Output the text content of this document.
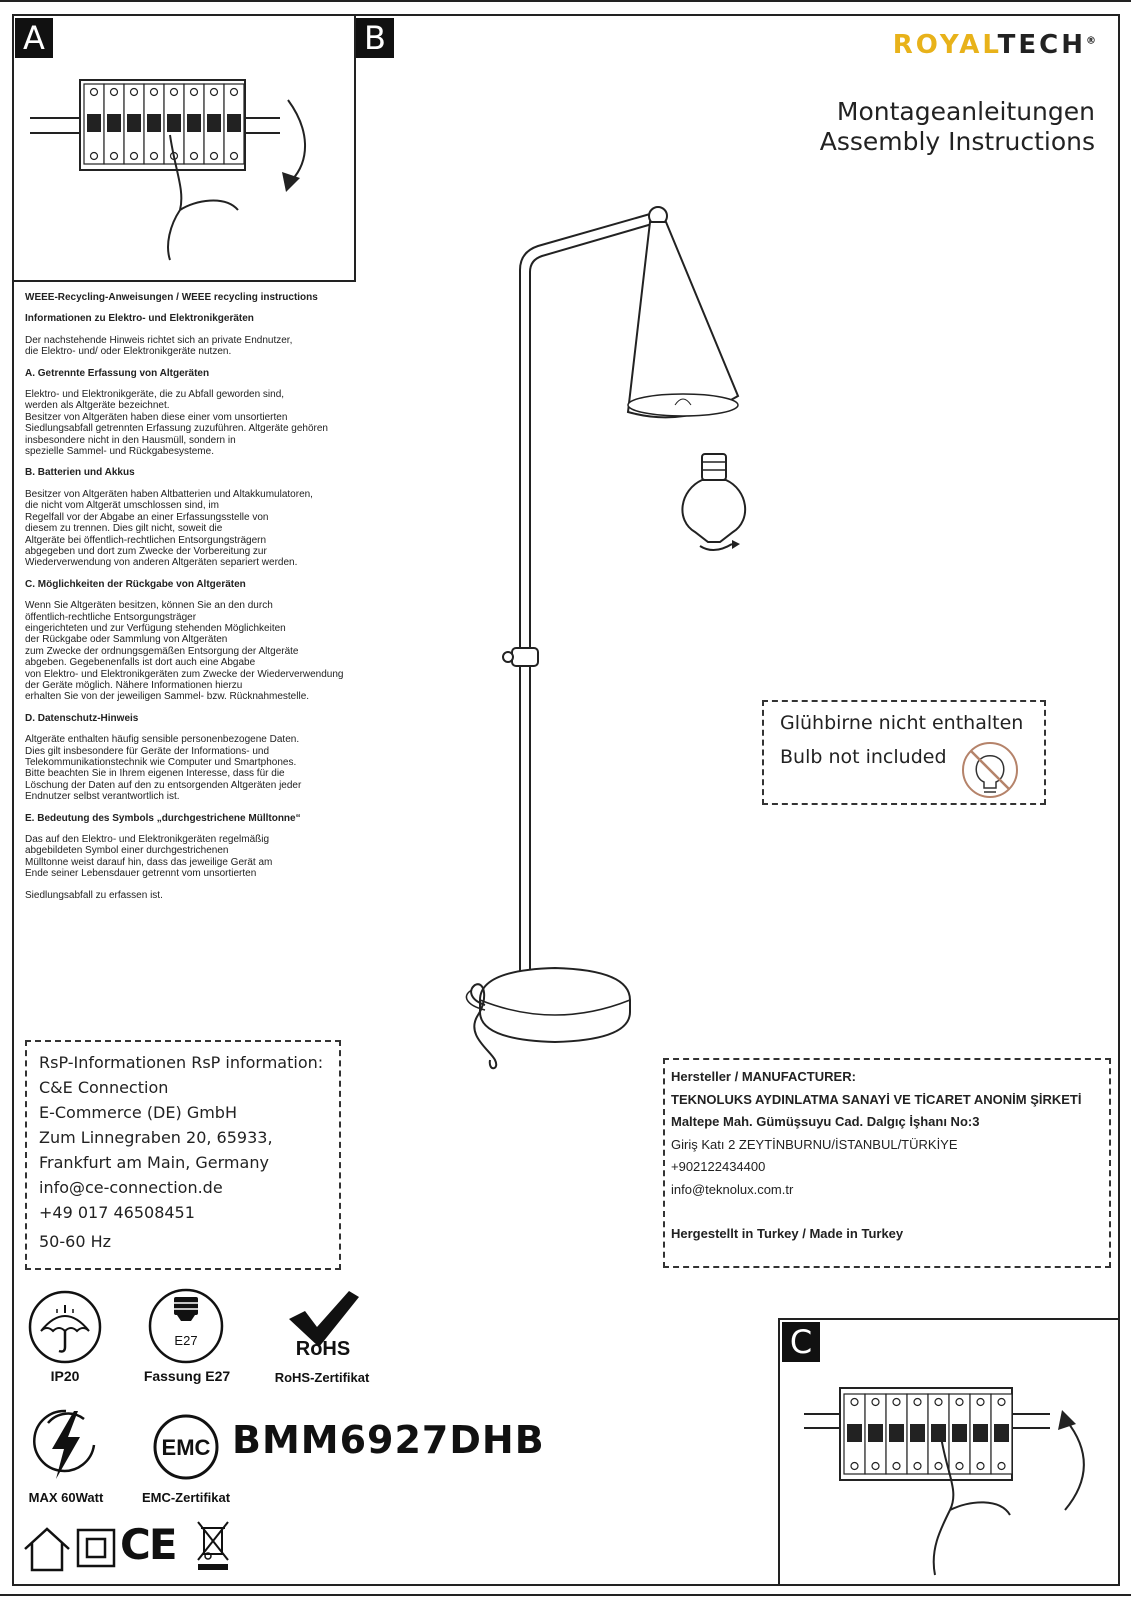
A	B	ROYALTECH®
Montageanleitungen
Assembly Instructions
WEEE-Recycling-Anweisungen / WEEE recycling instructions
Informationen zu Elektro- und Elektronikgeräten
Der nachstehende Hinweis richtet sich an private Endnutzer,
die Elektro- und/ oder Elektronikgeräte nutzen.
A. Getrennte Erfassung von Altgeräten
Elektro- und Elektronikgeräte, die zu Abfall geworden sind,
werden als Altgeräte bezeichnet.
Besitzer von Altgeräten haben diese einer vom unsortierten
Siedlungsabfall getrennten Erfassung zuzuführen. Altgeräte gehören
insbesondere nicht in den Hausmüll, sondern in
spezielle Sammel- und Rückgabesysteme.
B. Batterien und Akkus
Besitzer von Altgeräten haben Altbatterien und Altakkumulatoren,
die nicht vom Altgerät umschlossen sind, im
Regelfall vor der Abgabe an einer Erfassungsstelle von
diesem zu trennen. Dies gilt nicht, soweit die
Altgeräte bei öffentlich-rechtlichen Entsorgungsträgern
abgegeben und dort zum Zwecke der Vorbereitung zur
Wiederverwendung von anderen Altgeräten separiert werden.
C. Möglichkeiten der Rückgabe von Altgeräten
Wenn Sie Altgeräten besitzen, können Sie an den durch
öffentlich-rechtliche Entsorgungsträger
eingerichteten und zur Verfügung stehenden Möglichkeiten
der Rückgabe oder Sammlung von Altgeräten
zum Zwecke der ordnungsgemäßen Entsorgung der Altgeräte
abgeben. Gegebenenfalls ist dort auch eine Abgabe
von Elektro- und Elektronikgeräten zum Zwecke der Wiederverwendung
der Geräte möglich. Nähere Informationen hierzu
erhalten Sie von der jeweiligen Sammel- bzw. Rücknahmestelle.
D. Datenschutz-Hinweis
Altgeräte enthalten häufig sensible personenbezogene Daten.
Dies gilt insbesondere für Geräte der Informations- und
Telekommunikationstechnik wie Computer und Smartphones.
Bitte beachten Sie in Ihrem eigenen Interesse, dass für die
Löschung der Daten auf den zu entsorgenden Altgeräten jeder
Endnutzer selbst verantwortlich ist.
E. Bedeutung des Symbols „durchgestrichene Mülltonne“
Das auf den Elektro- und Elektronikgeräten regelmäßig
abgebildeten Symbol einer durchgestrichenen
Mülltonne weist darauf hin, dass das jeweilige Gerät am
Ende seiner Lebensdauer getrennt vom unsortierten
Siedlungsabfall zu erfassen ist.
Glühbirne nicht enthalten
Bulb not included
RsP-Informationen RsP information:
C&E Connection
E-Commerce (DE) GmbH
Zum Linnegraben 20, 65933,
Frankfurt am Main, Germany
info@ce-connection.de
+49 017 46508451
50-60 Hz
Hersteller / MANUFACTURER:
TEKNOLUKS AYDINLATMA SANAYİ VE TİCARET ANONİM ŞİRKETİ
Maltepe Mah. Gümüşsuyu Cad. Dalgıç İşhanı No:3
Giriş Katı 2 ZEYTİNBURNU/İSTANBUL/TÜRKİYE
+902122434400
info@teknolux.com.tr
Hergestellt in Turkey / Made in Turkey
C
IP20
E27
Fassung E27
RoHS
RoHS-Zertifikat
MAX 60Watt
EMC
EMC-Zertifikat
BMM6927DHB
CE
